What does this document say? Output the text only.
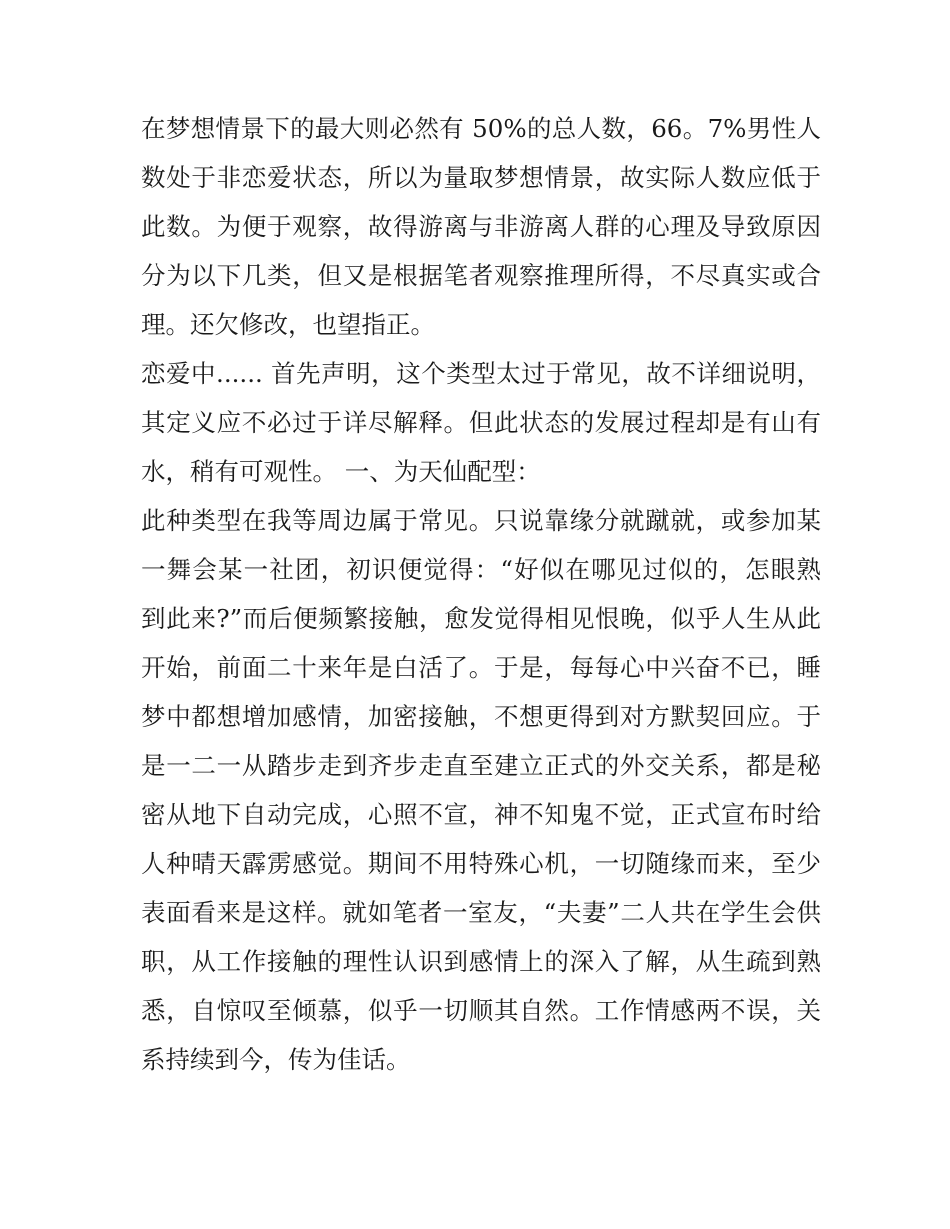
在梦想情景下的最大则必然有 50%的总人数，66。7%男性人
数处于非恋爱状态，所以为量取梦想情景，故实际人数应低于
此数。为便于观察，故得游离与非游离人群的心理及导致原因
分为以下几类，但又是根据笔者观察推理所得，不尽真实或合
理。还欠修改，也望指正。
恋爱中...... 首先声明，这个类型太过于常见，故不详细说明，
其定义应不必过于详尽解释。但此状态的发展过程却是有山有
水，稍有可观性。 一、为天仙配型：
此种类型在我等周边属于常见。只说靠缘分就蹴就，或参加某
一舞会某一社团，初识便觉得：“好似在哪见过似的，怎眼熟
到此来?”而后便频繁接触，愈发觉得相见恨晚，似乎人生从此
开始，前面二十来年是白活了。于是，每每心中兴奋不已，睡
梦中都想增加感情，加密接触，不想更得到对方默契回应。于
是一二一从踏步走到齐步走直至建立正式的外交关系，都是秘
密从地下自动完成，心照不宣，神不知鬼不觉，正式宣布时给
人种晴天霹雳感觉。期间不用特殊心机，一切随缘而来，至少
表面看来是这样。就如笔者一室友，“夫妻”二人共在学生会供
职，从工作接触的理性认识到感情上的深入了解，从生疏到熟
悉，自惊叹至倾慕，似乎一切顺其自然。工作情感两不误，关
系持续到今，传为佳话。
